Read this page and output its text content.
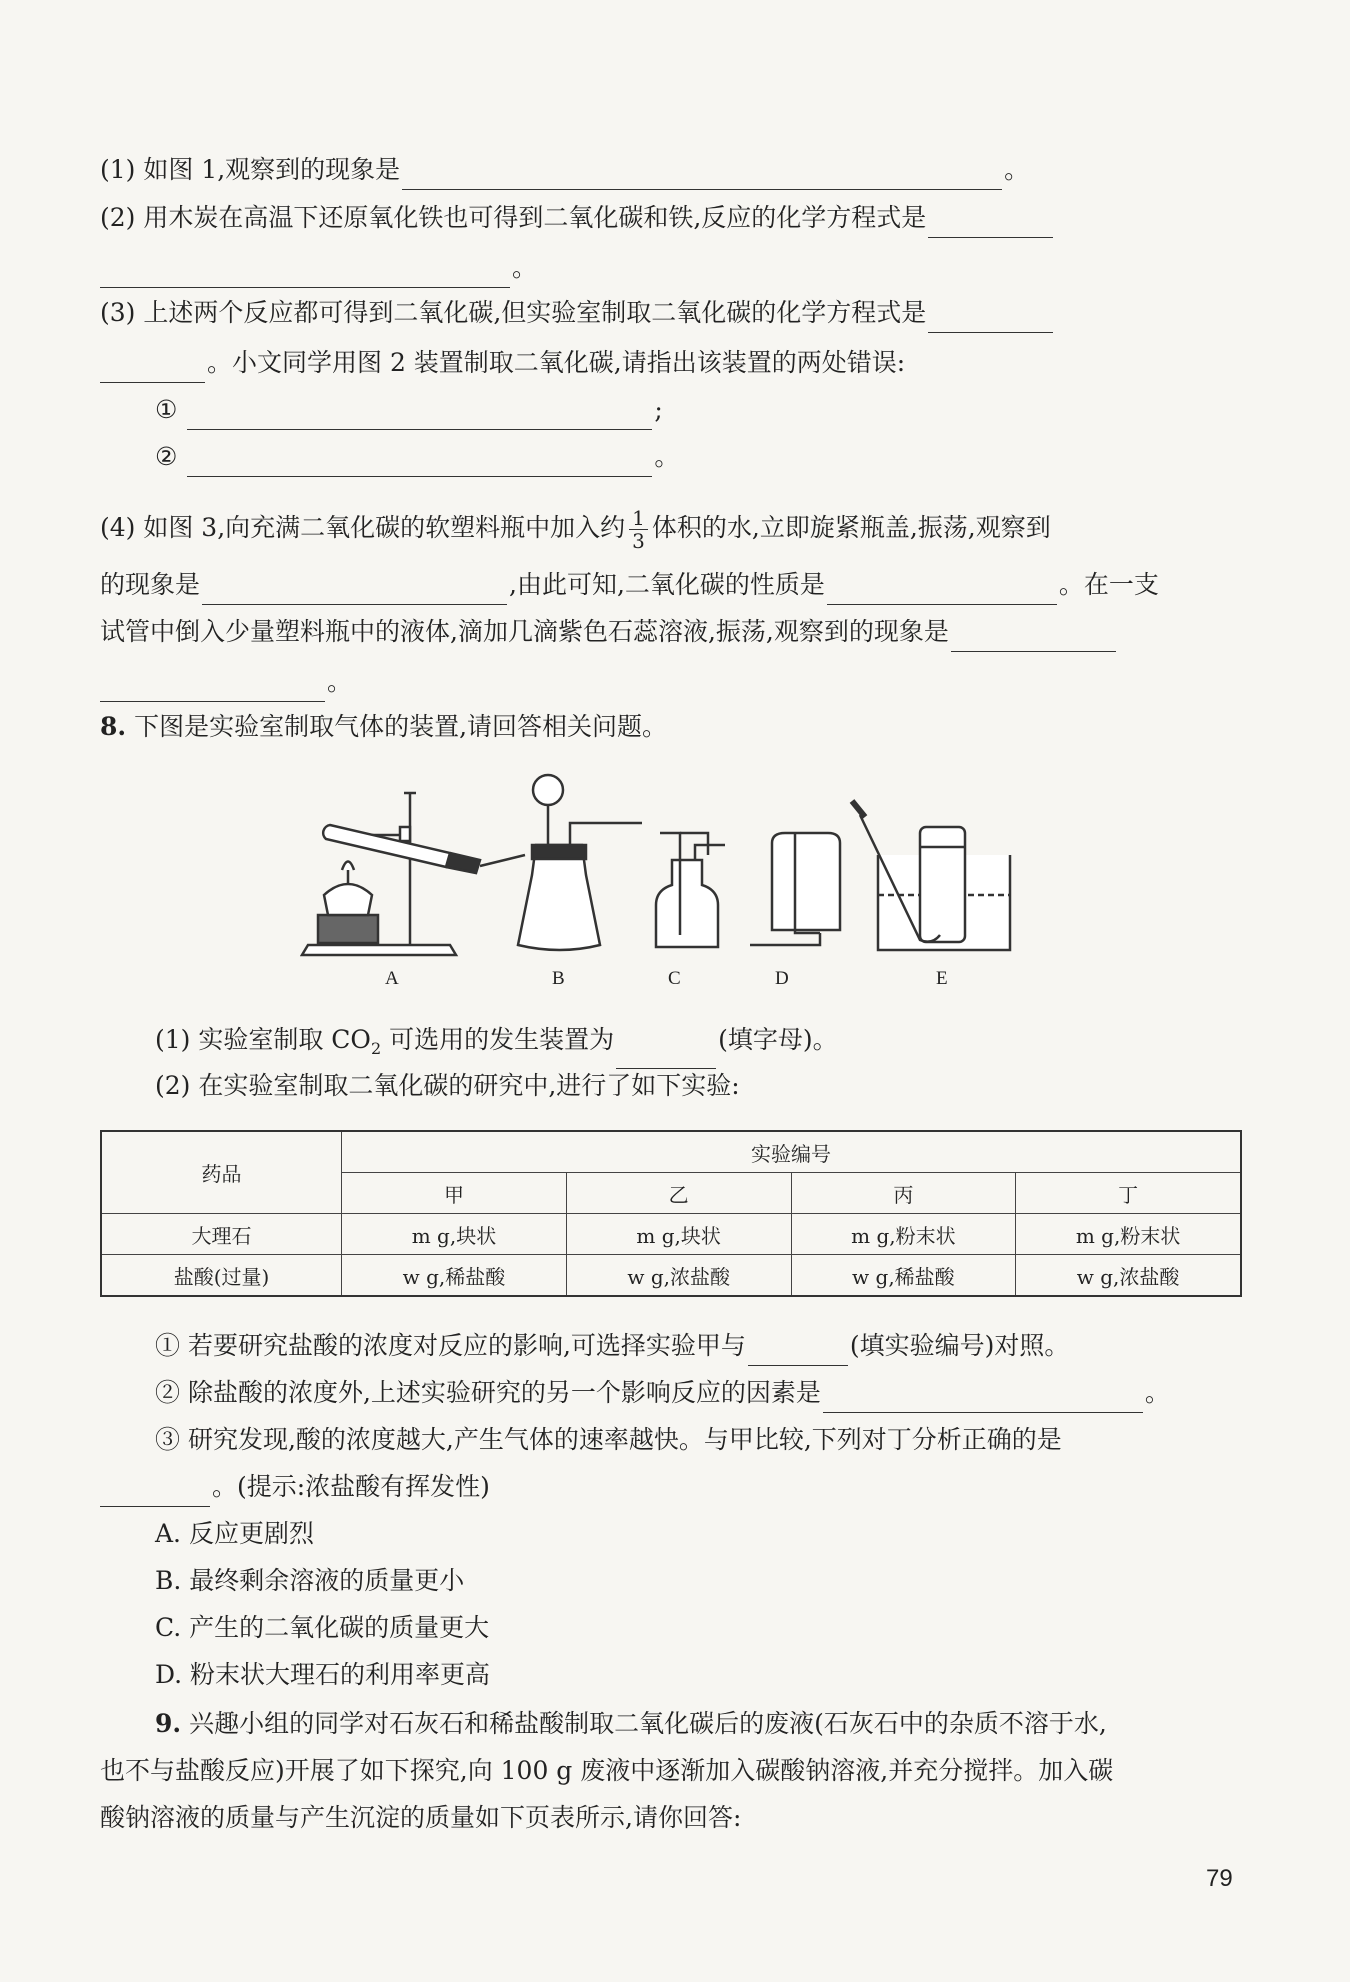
(1) 如图 1,观察到的现象是	。
(2) 用木炭在高温下还原氧化铁也可得到二氧化碳和铁,反应的化学方程式是
。
(3) 上述两个反应都可得到二氧化碳,但实验室制取二氧化碳的化学方程式是
。小文同学用图 2 装置制取二氧化碳,请指出该装置的两处错误:
①	;
②	。
(4) 如图 3,向充满二氧化碳的软塑料瓶中加入约 $\frac{1}{3}$ 体积的水,立即旋紧瓶盖,振荡,观察到
的现象是	,由此可知,二氧化碳的性质是	。在一支
试管中倒入少量塑料瓶中的液体,滴加几滴紫色石蕊溶液,振荡,观察到的现象是
。
8. 下图是实验室制取气体的装置,请回答相关问题。
A	B	C	D	E
(1) 实验室制取 $CO_2$ 可选用的发生装置为	(填字母)。
(2) 在实验室制取二氧化碳的研究中,进行了如下实验:
药品	实验编号			
	甲	乙	丙	丁
大理石	m g,块状	m g,块状	m g,粉末状	m g,粉末状
盐酸(过量)	w g,稀盐酸	w g,浓盐酸	w g,稀盐酸	w g,浓盐酸
① 若要研究盐酸的浓度对反应的影响,可选择实验甲与	(填实验编号)对照。
② 除盐酸的浓度外,上述实验研究的另一个影响反应的因素是	。
③ 研究发现,酸的浓度越大,产生气体的速率越快。与甲比较,下列对丁分析正确的是
。(提示:浓盐酸有挥发性)
A. 反应更剧烈
B. 最终剩余溶液的质量更小
C. 产生的二氧化碳的质量更大
D. 粉末状大理石的利用率更高
9. 兴趣小组的同学对石灰石和稀盐酸制取二氧化碳后的废液(石灰石中的杂质不溶于水,
也不与盐酸反应)开展了如下探究,向 100 g 废液中逐渐加入碳酸钠溶液,并充分搅拌。加入碳
酸钠溶液的质量与产生沉淀的质量如下页表所示,请你回答:
79
